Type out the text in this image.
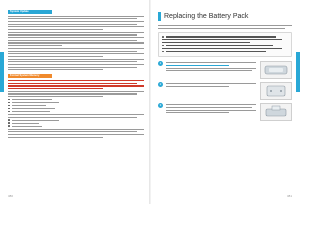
System Update
Format System Memory
380
Replacing the Battery Pack
1
2
3
381
